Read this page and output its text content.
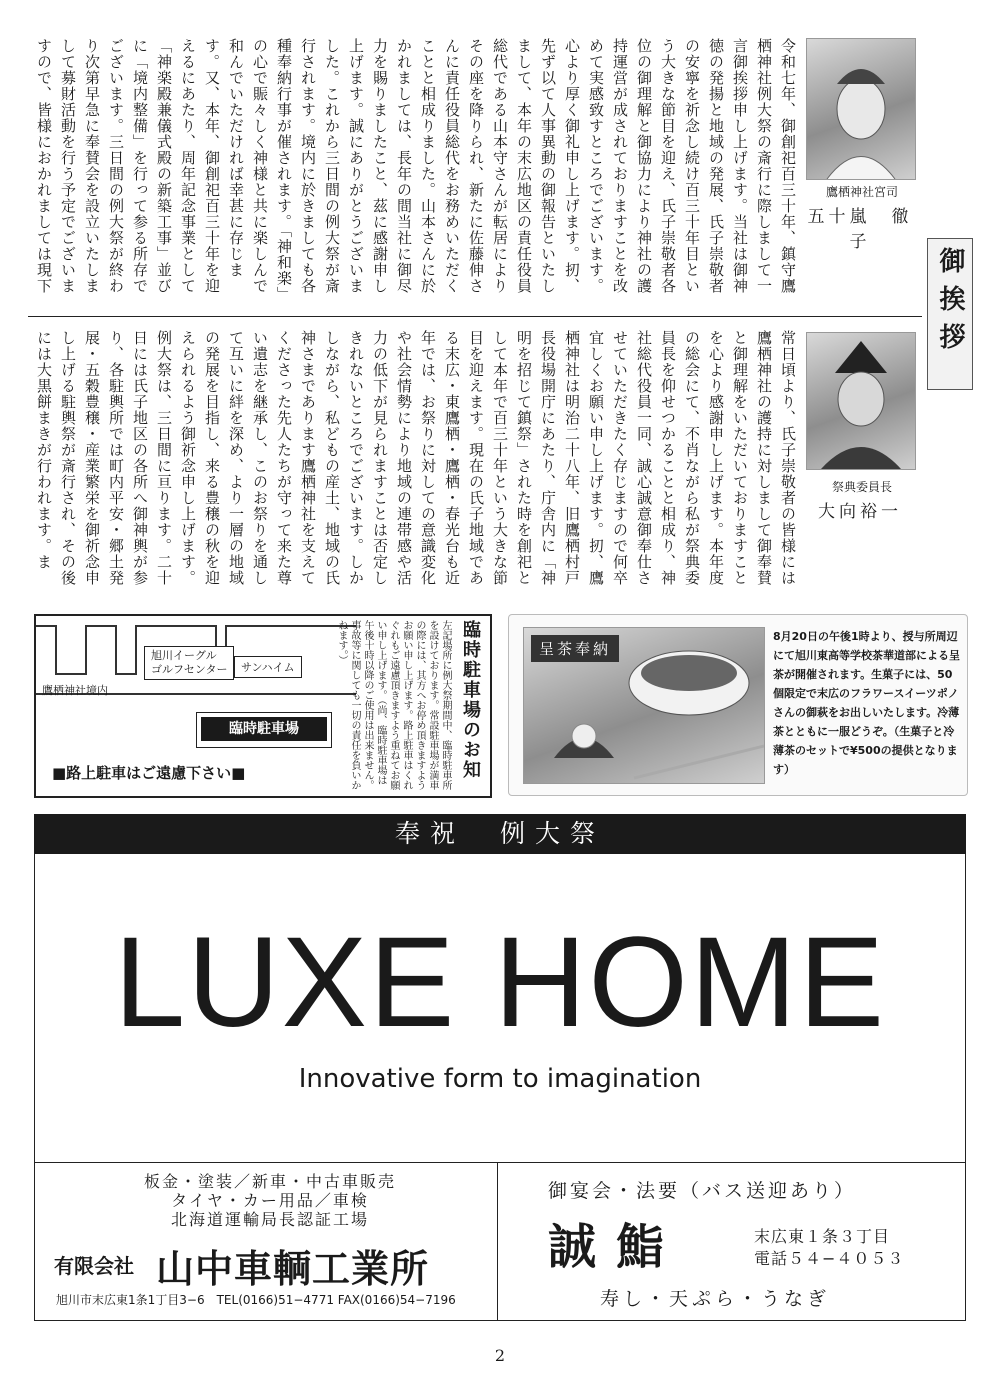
令和七年、御創祀百三十年、鎮守鷹栖神社例大祭の斎行に際しまして一言御挨拶申し上げます。当社は御神徳の発揚と地域の発展、氏子崇敬者の安寧を祈念し続け百三十年目という大きな節目を迎え、氏子崇敬者各位の御理解と御協力により神社の護持運営が成されておりますことを改めて実感致すところでございます。心より厚く御礼申し上げます。扨、先ず以て人事異動の御報告といたしまして、本年の末広地区の責任役員総代である山本守さんが転居によりその座を降りられ、新たに佐藤伸さんに責任役員総代をお務めいただくことと相成りました。山本さんに於かれましては、長年の間当社に御尽力を賜りましたこと、茲に感謝申し上げます。誠にありがとうございました。これから三日間の例大祭が斎行されます。境内に於きましても各種奉納行事が催されます。「神和楽」の心で賑々しく神様と共に楽しんで和んでいただければ幸甚に存じます。又、本年、御創祀百三十年を迎えるにあたり、周年記念事業として「神楽殿兼儀式殿の新築工事」並びに「境内整備」を行って参る所存でございます。三日間の例大祭が終わり次第早急に奉賛会を設立いたしまして募財活動を行う予定でございますので、皆様におかれましては現下
鷹栖神社宮司
五十嵐　徹子
御挨拶
常日頃より、氏子崇敬者の皆様には鷹栖神社の護持に対しまして御奉賛と御理解をいただいておりますことを心より感謝申し上げます。本年度の総会にて、不肖ながら私が祭典委員長を仰せつかることと相成り、神社総代役員一同、誠心誠意御奉仕させていただきたく存じますので何卒宜しくお願い申し上げます。扨、鷹栖神社は明治二十八年、旧鷹栖村戸長役場開庁にあたり、庁舎内に「神明を招じて鎮祭」された時を創祀として本年で百三十年という大きな節目を迎えます。現在の氏子地域である末広・東鷹栖・鷹栖・春光台も近年では、お祭りに対しての意識変化や社会情勢により地域の連帯感や活力の低下が見られますことは否定しきれないところでございます。しかしながら、私どもの産土、地域の氏神さまであります鷹栖神社を支えてくださった先人たちが守って来た尊い遺志を継承し、このお祭りを通して互いに絆を深め、より一層の地域の発展を目指し、来る豊穣の秋を迎えられるよう御祈念申し上げます。例大祭は、三日間に亘ります。二十日には氏子地区の各所へ御神輿が参り、各駐輿所では町内平安・郷土発展・五穀豊穣・産業繁栄を御祈念申し上げる駐輿祭が斎行され、その後には大黒餅まきが行われます。ま
祭典委員長
大向裕一
旭川イーグル
ゴルフセンター	サンハイム
鷹栖神社境内
臨時駐車場
■路上駐車はご遠慮下さい■
臨時駐車場のお知
左記場所に例大祭期間中、臨時駐車所を設けております。常設駐車場が満車の際には、其方へお停め頂きますようお願い申し上げます。路上駐車はくれぐれもご遠慮頂きますよう重ねてお願い申し上げます。（尚、臨時駐車場は午後十時以降のご使用は出来ません。事故等に関しても一切の責任を負いかねます。）	呈茶奉納
8月20日の午後1時より、授与所周辺にて旭川東高等学校茶華道部による呈茶が開催されます。生菓子には、50個限定で末広のフラワースイーツポノさんの御萩をお出しいたします。冷薄茶とともに一服どうぞ。（生菓子と冷薄茶のセットで¥500の提供となります）
奉祝　例大祭
LUXE HOME
Innovative form to imagination
板金・塗装／新車・中古車販売
タイヤ・カー用品／車検
北海道運輸局長認証工場
有限会社 山中車輌工業所
旭川市末広東1条1丁目3−6　TEL(0166)51−4771 FAX(0166)54−7196
御宴会・法要（バス送迎あり）
誠鮨	末広東１条３丁目
電話５４−４０５３
寿し・天ぷら・うなぎ
2
